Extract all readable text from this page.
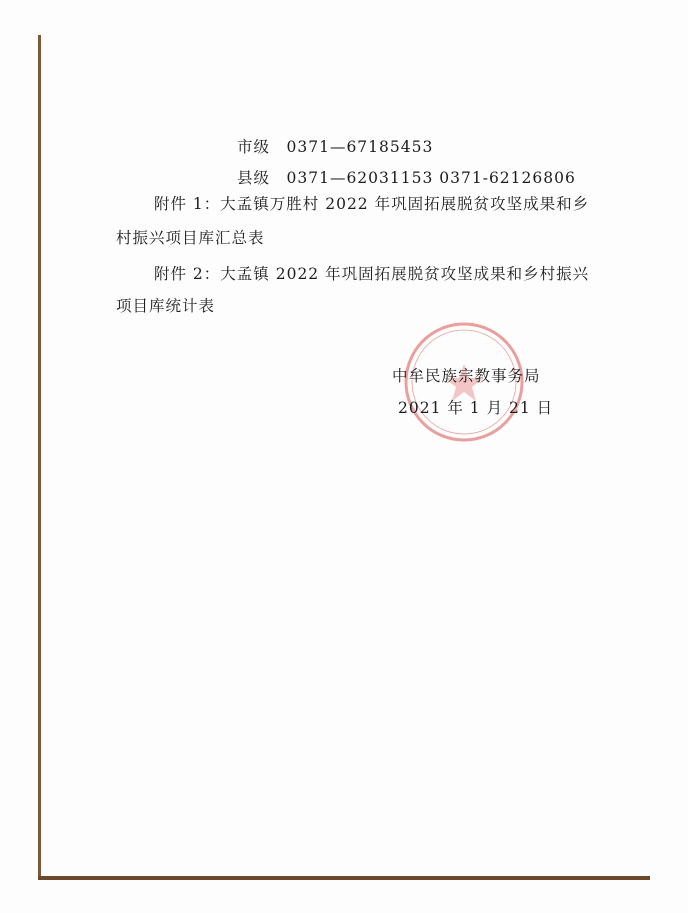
市级　0371—67185453
县级　0371—62031153 0371-62126806
附件 1：大孟镇万胜村 2022 年巩固拓展脱贫攻坚成果和乡
村振兴项目库汇总表
附件 2：大孟镇 2022 年巩固拓展脱贫攻坚成果和乡村振兴
项目库统计表
中牟民族宗教事务局
2021 年 1 月 21 日
